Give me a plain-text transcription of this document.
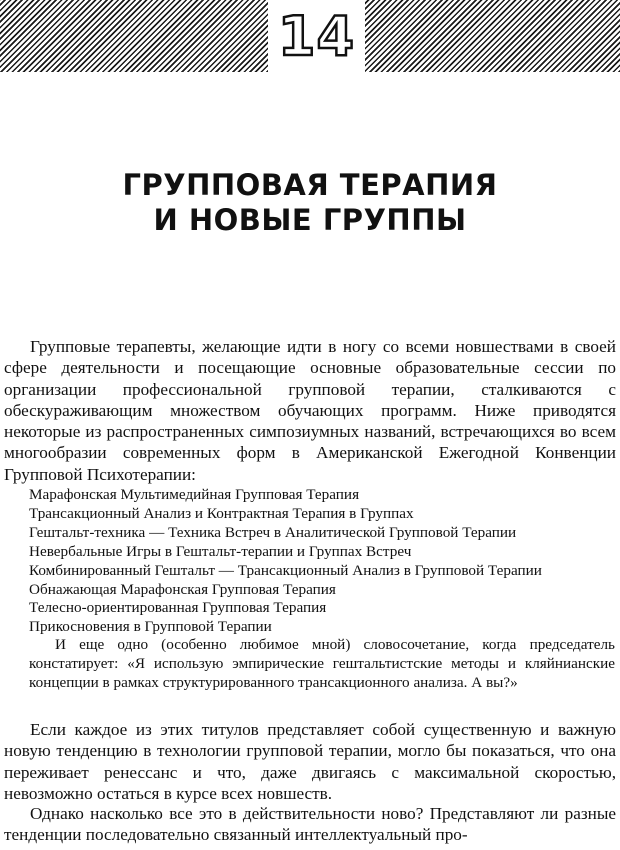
14
ГРУППОВАЯ ТЕРАПИЯ
И НОВЫЕ ГРУППЫ

Групповые терапевты, желающие идти в ногу со всеми новшествами в своей сфере деятельности и посещающие основные образовательные сессии по организации профессиональной групповой терапии, сталкиваются с обескураживающим множеством обучающих программ. Ниже приводятся некоторые из распространенных симпозиумных названий, встречающихся во всем многообразии современных форм в Американской Ежегодной Конвенции Групповой Психотерапии:

Марафонская Мультимедийная Групповая Терапия
Трансакционный Анализ и Контрактная Терапия в Группах
Гештальт-техника — Техника Встреч в Аналитической Групповой Терапии
Невербальные Игры в Гештальт-терапии и Группах Встреч
Комбинированный Гештальт — Трансакционный Анализ в Групповой Терапии
Обнажающая Марафонская Групповая Терапия
Телесно-ориентированная Групповая Терапия
Прикосновения в Групповой Терапии

И еще одно (особенно любимое мной) словосочетание, когда председатель констатирует: «Я использую эмпирические гештальтистские методы и кляйнианские концепции в рамках структурированного трансакционного анализа. А вы?»

Если каждое из этих титулов представляет собой существенную и важную новую тенденцию в технологии групповой терапии, могло бы показаться, что она переживает ренессанс и что, даже двигаясь с максимальной скоростью, невозможно остаться в курсе всех новшеств.

Однако насколько все это в действительности ново? Представляют ли разные тенденции последовательно связанный интеллектуальный про-
